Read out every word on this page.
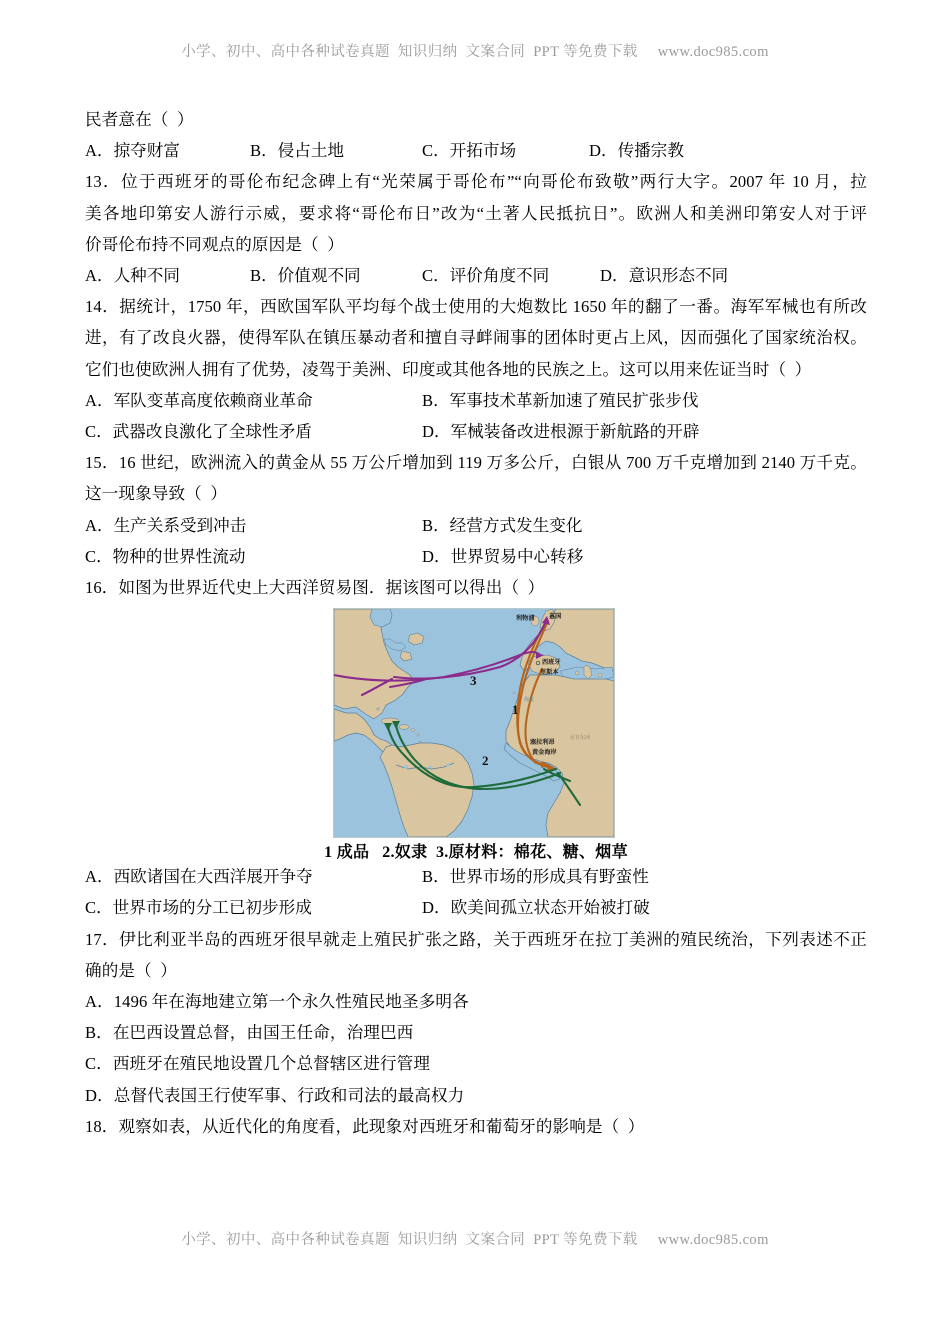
小学、初中、高中各种试卷真题  知识归纳  文案合同  PPT 等免费下载     www.doc985.com

民者意在（  ）

A．掠夺财富	B．侵占土地	C．开拓市场	D．传播宗教

13．位于西班牙的哥伦布纪念碑上有“光荣属于哥伦布”“向哥伦布致敬”两行大字。2007 年 10 月，拉

美各地印第安人游行示威，要求将“哥伦布日”改为“土著人民抵抗日”。欧洲人和美洲印第安人对于评

价哥伦布持不同观点的原因是（  ）

A．人种不同	B．价值观不同	C．评价角度不同	D．意识形态不同

14．据统计，1750 年，西欧国军队平均每个战士使用的大炮数比 1650 年的翻了一番。海军军械也有所改

进，有了改良火器，使得军队在镇压暴动者和擅自寻衅闹事的团体时更占上风，因而强化了国家统治权。

它们也使欧洲人拥有了优势，凌驾于美洲、印度或其他各地的民族之上。这可以用来佐证当时（  ）

A．军队变革高度依赖商业革命	B．军事技术革新加速了殖民扩张步伐
C．武器改良激化了全球性矛盾	D．军械装备改进根源于新航路的开辟

15．16 世纪，欧洲流入的黄金从 55 万公斤增加到 119 万多公斤，白银从 700 万千克增加到 2140 万千克。

这一现象导致（  ）

A．生产关系受到冲击	B．经营方式发生变化
C．物种的世界性流动	D．世界贸易中心转移

16．如图为世界近代史上大西洋贸易图．据该图可以得出（  ）

海流
尼日尔河
利物浦 英国
西班牙
里斯本
塞拉利昂
黄金海岸
3
1
2
1 成品   2.奴隶  3.原材料：棉花、糖、烟草
A．西欧诸国在大西洋展开争夺	B．世界市场的形成具有野蛮性
C．世界市场的分工已初步形成	D．欧美间孤立状态开始被打破

17．伊比利亚半岛的西班牙很早就走上殖民扩张之路，关于西班牙在拉丁美洲的殖民统治，下列表述不正

确的是（  ）

A．1496 年在海地建立第一个永久性殖民地圣多明各

B．在巴西设置总督，由国王任命，治理巴西

C．西班牙在殖民地设置几个总督辖区进行管理

D．总督代表国王行使军事、行政和司法的最高权力

18．观察如表，从近代化的角度看，此现象对西班牙和葡萄牙的影响是（  ）

小学、初中、高中各种试卷真题  知识归纳  文案合同  PPT 等免费下载     www.doc985.com
